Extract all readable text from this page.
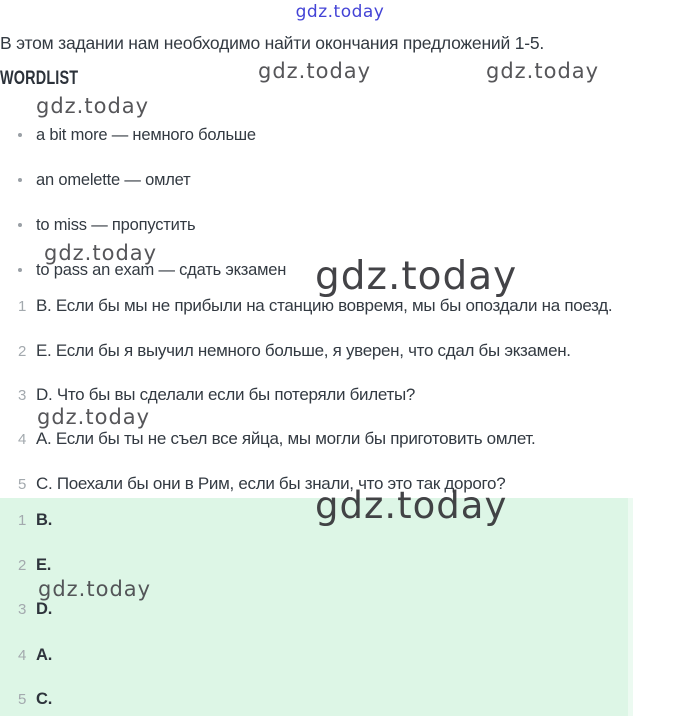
gdz.today
В этом задании нам необходимо найти окончания предложений 1-5.
gdz.today	gdz.today
WORDLIST
gdz.today
a bit more — немного больше
an omelette — омлет
to miss — пропустить
gdz.today
to pass an exam — сдать экзамен gdz.today
1 B. Если бы мы не прибыли на станцию вовремя, мы бы опоздали на поезд.
2 E. Если бы я выучил немного больше, я уверен, что сдал бы экзамен.
3 D. Что бы вы сделали если бы потеряли билеты?
gdz.today
4 A. Если бы ты не съел все яйца, мы могли бы приготовить омлет.
5 C. Поехали бы они в Рим, если бы знали, что это так дорого?
gdz.today
1 B.
2 E.
gdz.today
3 D.
4 A.
5 C.
